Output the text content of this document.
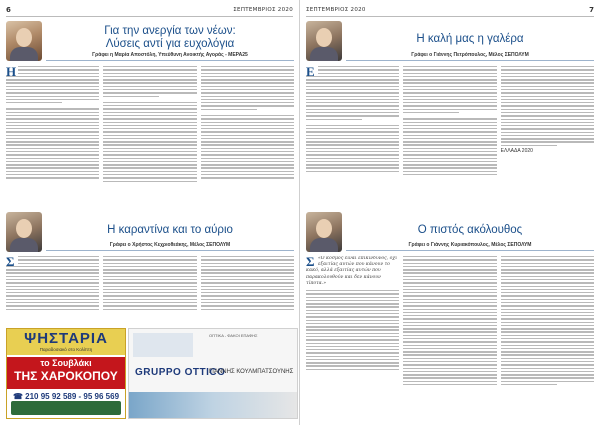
6	ΣΕΠΤΕΜΒΡΙΟΣ 2020
Για την ανεργία των νέων:
Λύσεις αντί για ευχολόγια
Γράφει η Μαρία Αποστόλη, Υπεύθυνη Ανοικτής Αγοράς - ΜΕΡΑ25
Η
Η καραντίνα και το αύριο
Γράφει ο Χρήστος Κεχριοθεάκης, Μέλος ΣΕΠΟΛΥΜ
Σ
ΨΗΣΤΑΡΙΑ
Παραδοσιακό στο Κολίπτη
το Σουβλάκι
ΤΗΣ ΧΑΡΟΚΟΠΟΥ
☎ 210 95 92 589 - 95 96 569
ΟΠΤΙΚΑ - ΦΑΚΟΙ ΕΠΑΦΗΣ
GRUPPO OTTICO
ΓΙΑΝΝΗΣ ΚΟΥΛΜΠΑΤΣΟΥΝΗΣ
ΣΕΠΤΕΜΒΡΙΟΣ 2020	7
Η καλή μας η γαλέρα
Γράφει ο Γιάννης Πετρόπουλος, Μέλος ΣΕΠΟΛΥΜ
Ε
ΕΛΛΑΔΑ 2020
Ο πιστός ακόλουθος
Γράφει ο Γιάννης Κυριακόπουλος, Μέλος ΣΕΠΟΛΥΜ
Σ «Ο κόσμος είναι επικίνδυνος, όχι εξαιτίας αυτών που κάνουν το κακό, αλλά εξαιτίας αυτών που παρακολουθούν και δεν κάνουν τίποτα.»
